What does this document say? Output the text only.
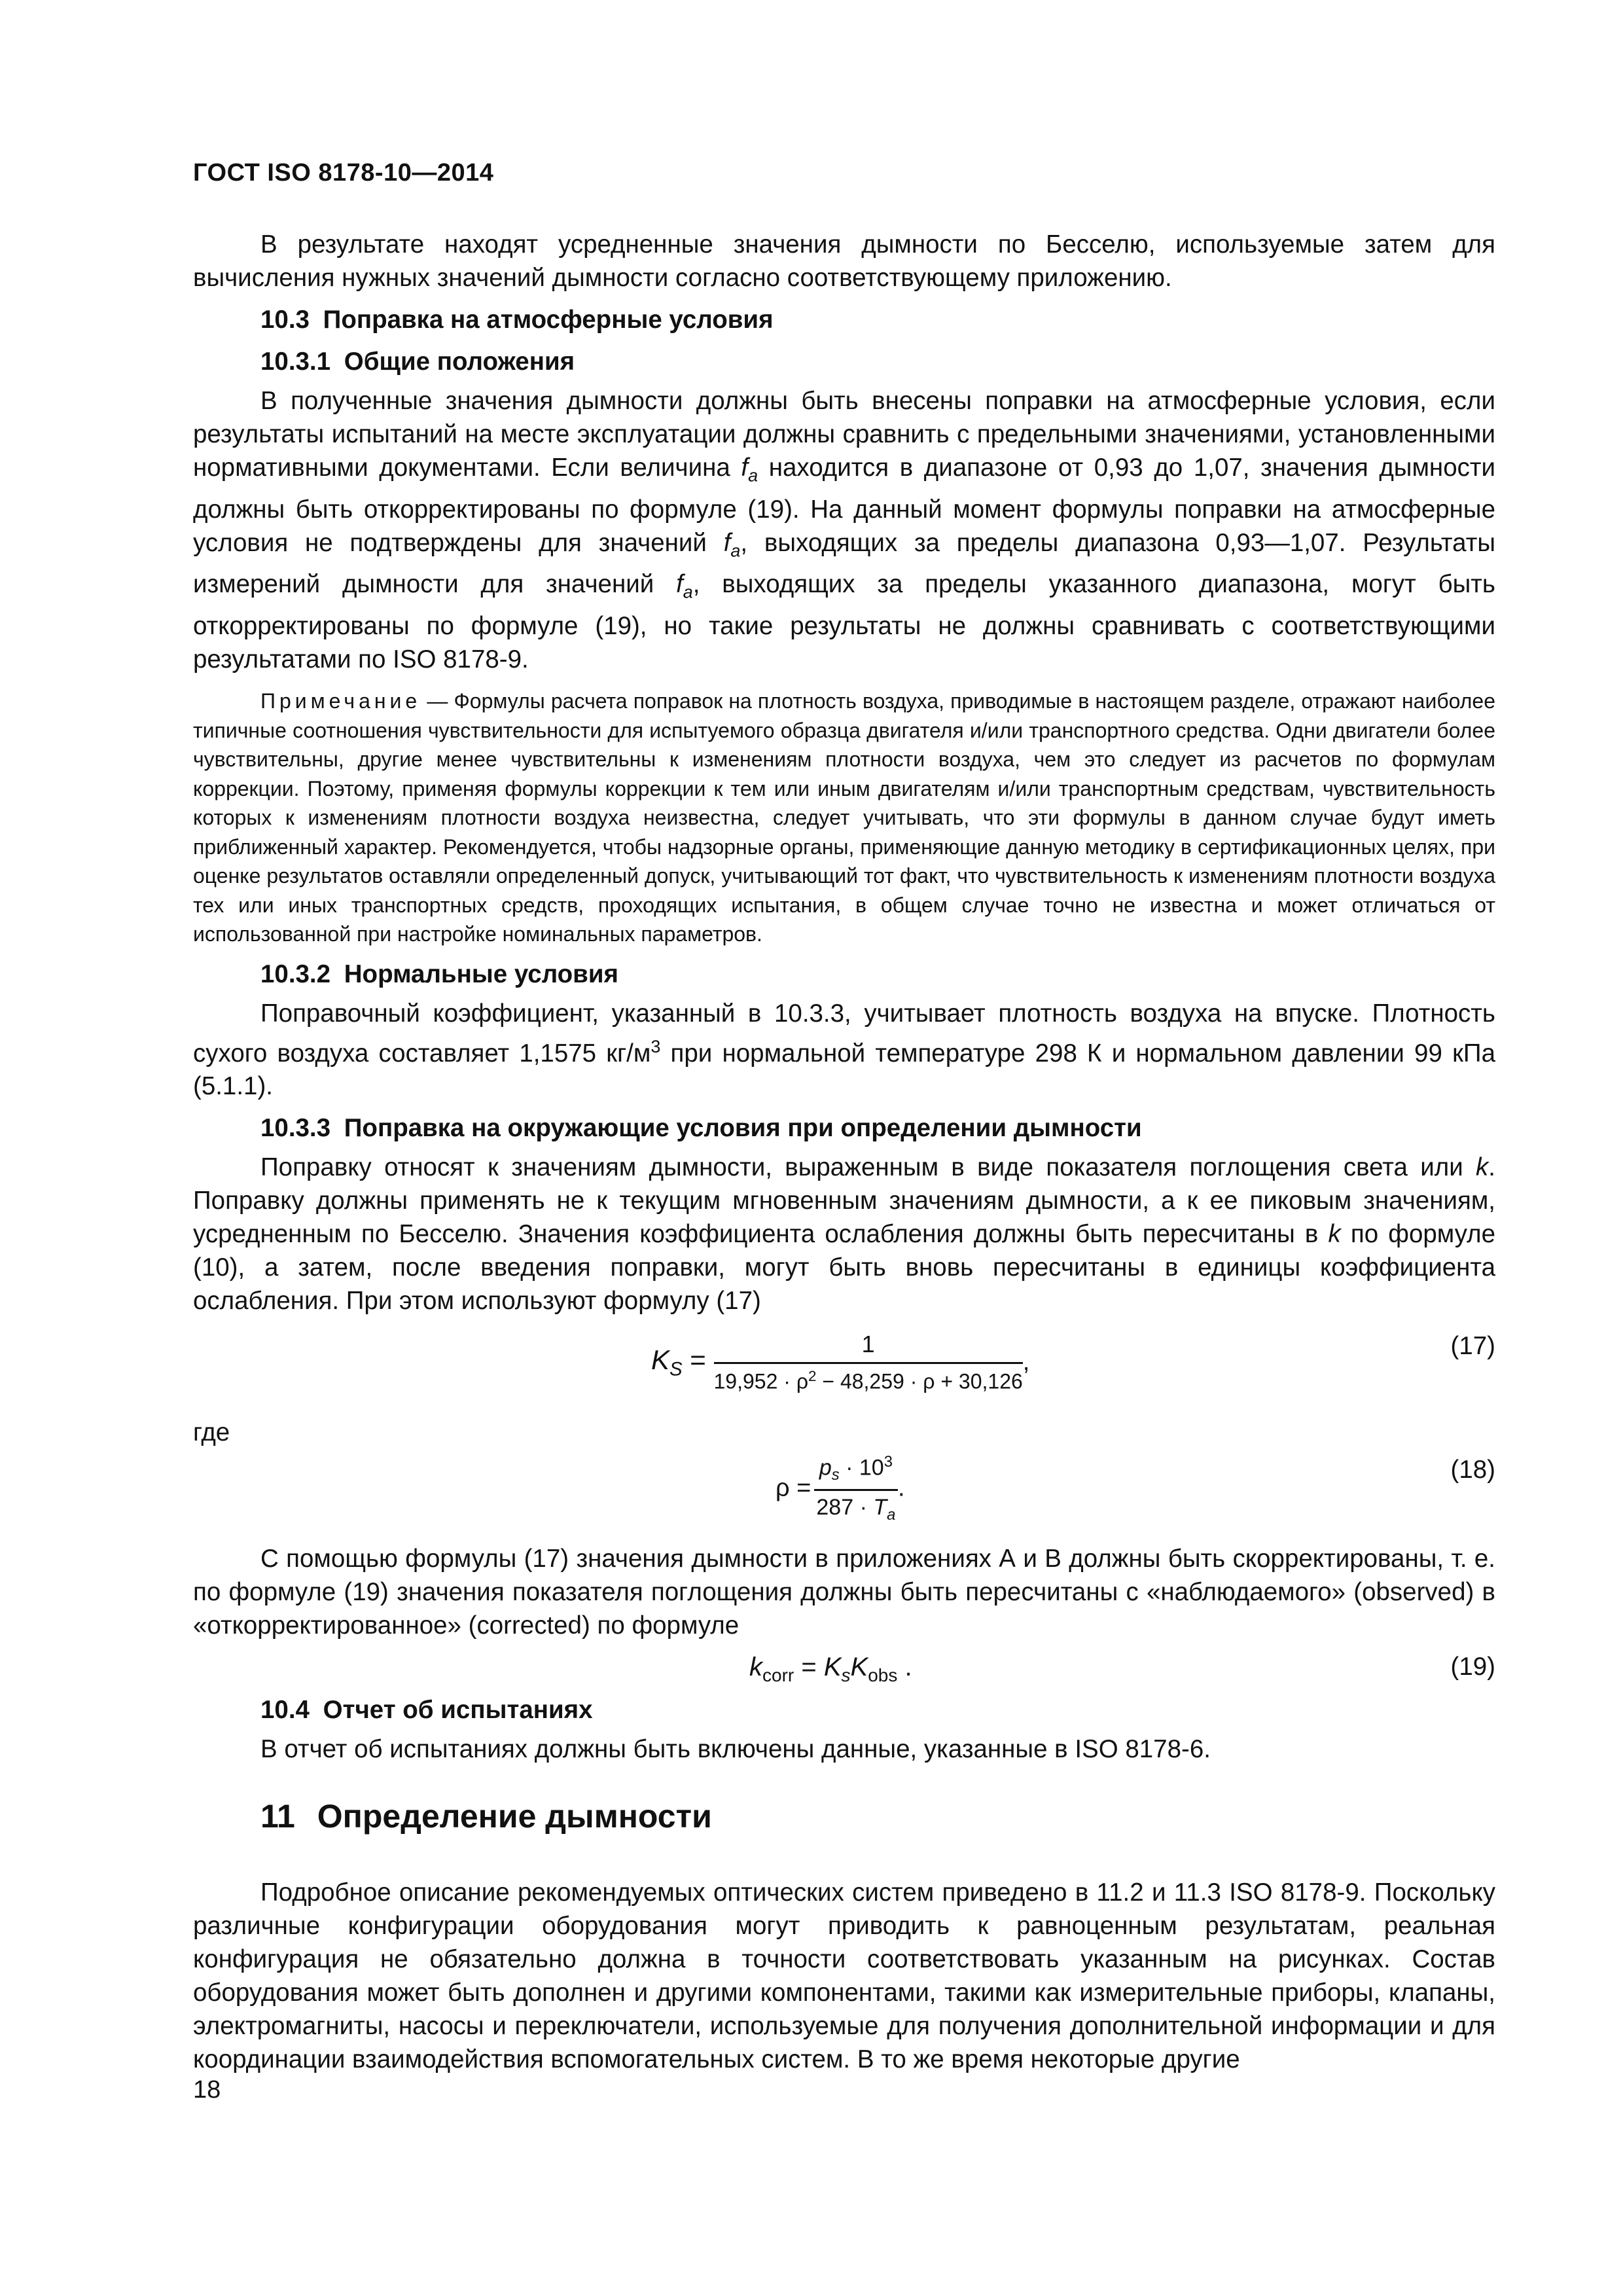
ГОСТ ISO 8178-10—2014

В результате находят усредненные значения дымности по Бесселю, используемые затем для вычисления нужных значений дымности согласно соответствующему приложению.

10.3 Поправка на атмосферные условия
10.3.1 Общие положения

В полученные значения дымности должны быть внесены поправки на атмосферные условия, если результаты испытаний на месте эксплуатации должны сравнить с предельными значениями, установленными нормативными документами. Если величина $f_a$ находится в диапазоне от 0,93 до 1,07, значения дымности должны быть откорректированы по формуле (19). На данный момент формулы поправки на атмосферные условия не подтверждены для значений $f_a$, выходящих за пределы диапазона 0,93—1,07. Результаты измерений дымности для значений $f_a$, выходящих за пределы указанного диапазона, могут быть откорректированы по формуле (19), но такие результаты не должны сравнивать с соответствующими результатами по ISO 8178-9.

Примечание — Формулы расчета поправок на плотность воздуха, приводимые в настоящем разделе, отражают наиболее типичные соотношения чувствительности для испытуемого образца двигателя и/или транспортного средства. Одни двигатели более чувствительны, другие менее чувствительны к изменениям плотности воздуха, чем это следует из расчетов по формулам коррекции. Поэтому, применяя формулы коррекции к тем или иным двигателям и/или транспортным средствам, чувствительность которых к изменениям плотности воздуха неизвестна, следует учитывать, что эти формулы в данном случае будут иметь приближенный характер. Рекомендуется, чтобы надзорные органы, применяющие данную методику в сертификационных целях, при оценке результатов оставляли определенный допуск, учитывающий тот факт, что чувствительность к изменениям плотности воздуха тех или иных транспортных средств, проходящих испытания, в общем случае точно не известна и может отличаться от использованной при настройке номинальных параметров.

10.3.2 Нормальные условия

Поправочный коэффициент, указанный в 10.3.3, учитывает плотность воздуха на впуске. Плотность сухого воздуха составляет 1,1575 $кг/м^3$ при нормальной температуре 298 К и нормальном давлении 99 кПа (5.1.1).

10.3.3 Поправка на окружающие условия при определении дымности

Поправку относят к значениям дымности, выраженным в виде показателя поглощения света или k. Поправку должны применять не к текущим мгновенным значениям дымности, а к ее пиковым значениям, усредненным по Бесселю. Значения коэффициента ослабления должны быть пересчитаны в k по формуле (10), а затем, после введения поправки, могут быть вновь пересчитаны в единицы коэффициента ослабления. При этом используют формулу (17)

$K_S = \frac{1}{19,952 \cdot \rho^2 - 48,259 \cdot \rho + 30,126}$ ,
(17)

где

$\rho = \frac{p_s \cdot 10^3}{287 \cdot T_a}$ .
(18)

С помощью формулы (17) значения дымности в приложениях А и В должны быть скорректированы, т. е. по формуле (19) значения показателя поглощения должны быть пересчитаны с «наблюдаемого» (observed) в «откорректированное» (corrected) по формуле

$k_{corr} = K_sK_{obs}$ .	(19)
10.4 Отчет об испытаниях

В отчет об испытаниях должны быть включены данные, указанные в ISO 8178-6.

11 Определение дымности

Подробное описание рекомендуемых оптических систем приведено в 11.2 и 11.3 ISO 8178-9. Поскольку различные конфигурации оборудования могут приводить к равноценным результатам, реальная конфигурация не обязательно должна в точности соответствовать указанным на рисунках. Состав оборудования может быть дополнен и другими компонентами, такими как измерительные приборы, клапаны, электромагниты, насосы и переключатели, используемые для получения дополнительной информации и для координации взаимодействия вспомогательных систем. В то же время некоторые другие

18
